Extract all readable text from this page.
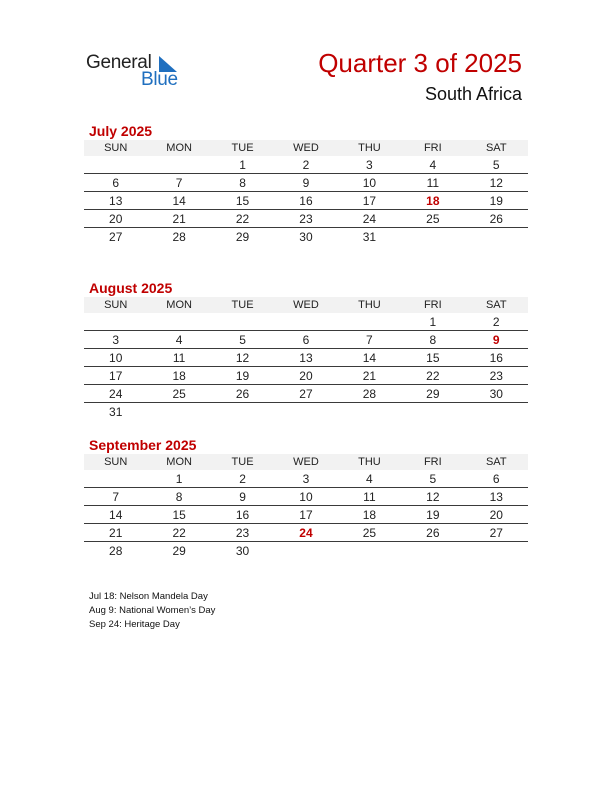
General
Blue
Quarter 3 of 2025
South Africa
July 2025
SUN	MON	TUE	WED	THU	FRI	SAT
		1	2	3	4	5
6	7	8	9	10	11	12
13	14	15	16	17	18	19
20	21	22	23	24	25	26
27	28	29	30	31		
August 2025
SUN	MON	TUE	WED	THU	FRI	SAT
					1	2
3	4	5	6	7	8	9
10	11	12	13	14	15	16
17	18	19	20	21	22	23
24	25	26	27	28	29	30
31						
September 2025
SUN	MON	TUE	WED	THU	FRI	SAT
	1	2	3	4	5	6
7	8	9	10	11	12	13
14	15	16	17	18	19	20
21	22	23	24	25	26	27
28	29	30				
Jul 18: Nelson Mandela Day
Aug 9: National Women’s Day
Sep 24: Heritage Day
